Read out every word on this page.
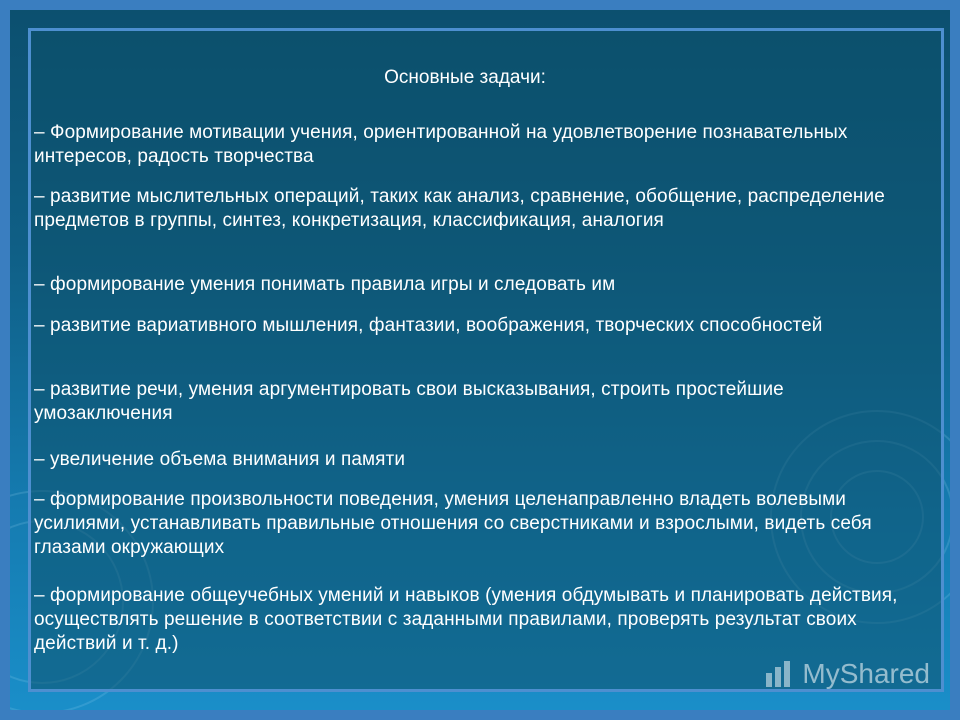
Основные задачи:
– Формирование мотивации учения, ориентированной на удовлетворение познавательных интересов, радость творчества
– развитие мыслительных операций, таких как анализ, сравнение, обобщение, распределение предметов в группы, синтез, конкретизация, классификация, аналогия
– формирование умения понимать правила игры и следовать им
– развитие вариативного мышления, фантазии, воображения, творческих способностей
– развитие речи, умения аргументировать свои высказывания, строить простейшие умозаключения
– увеличение объема внимания и памяти
– формирование произвольности поведения, умения целенаправленно владеть волевыми усилиями, устанавливать правильные отношения со сверстниками и взрослыми, видеть себя глазами окружающих
– формирование общеучебных умений и навыков (умения обдумывать и планировать действия, осуществлять решение в соответствии с заданными правилами, проверять результат своих действий и т. д.)
MyShared
